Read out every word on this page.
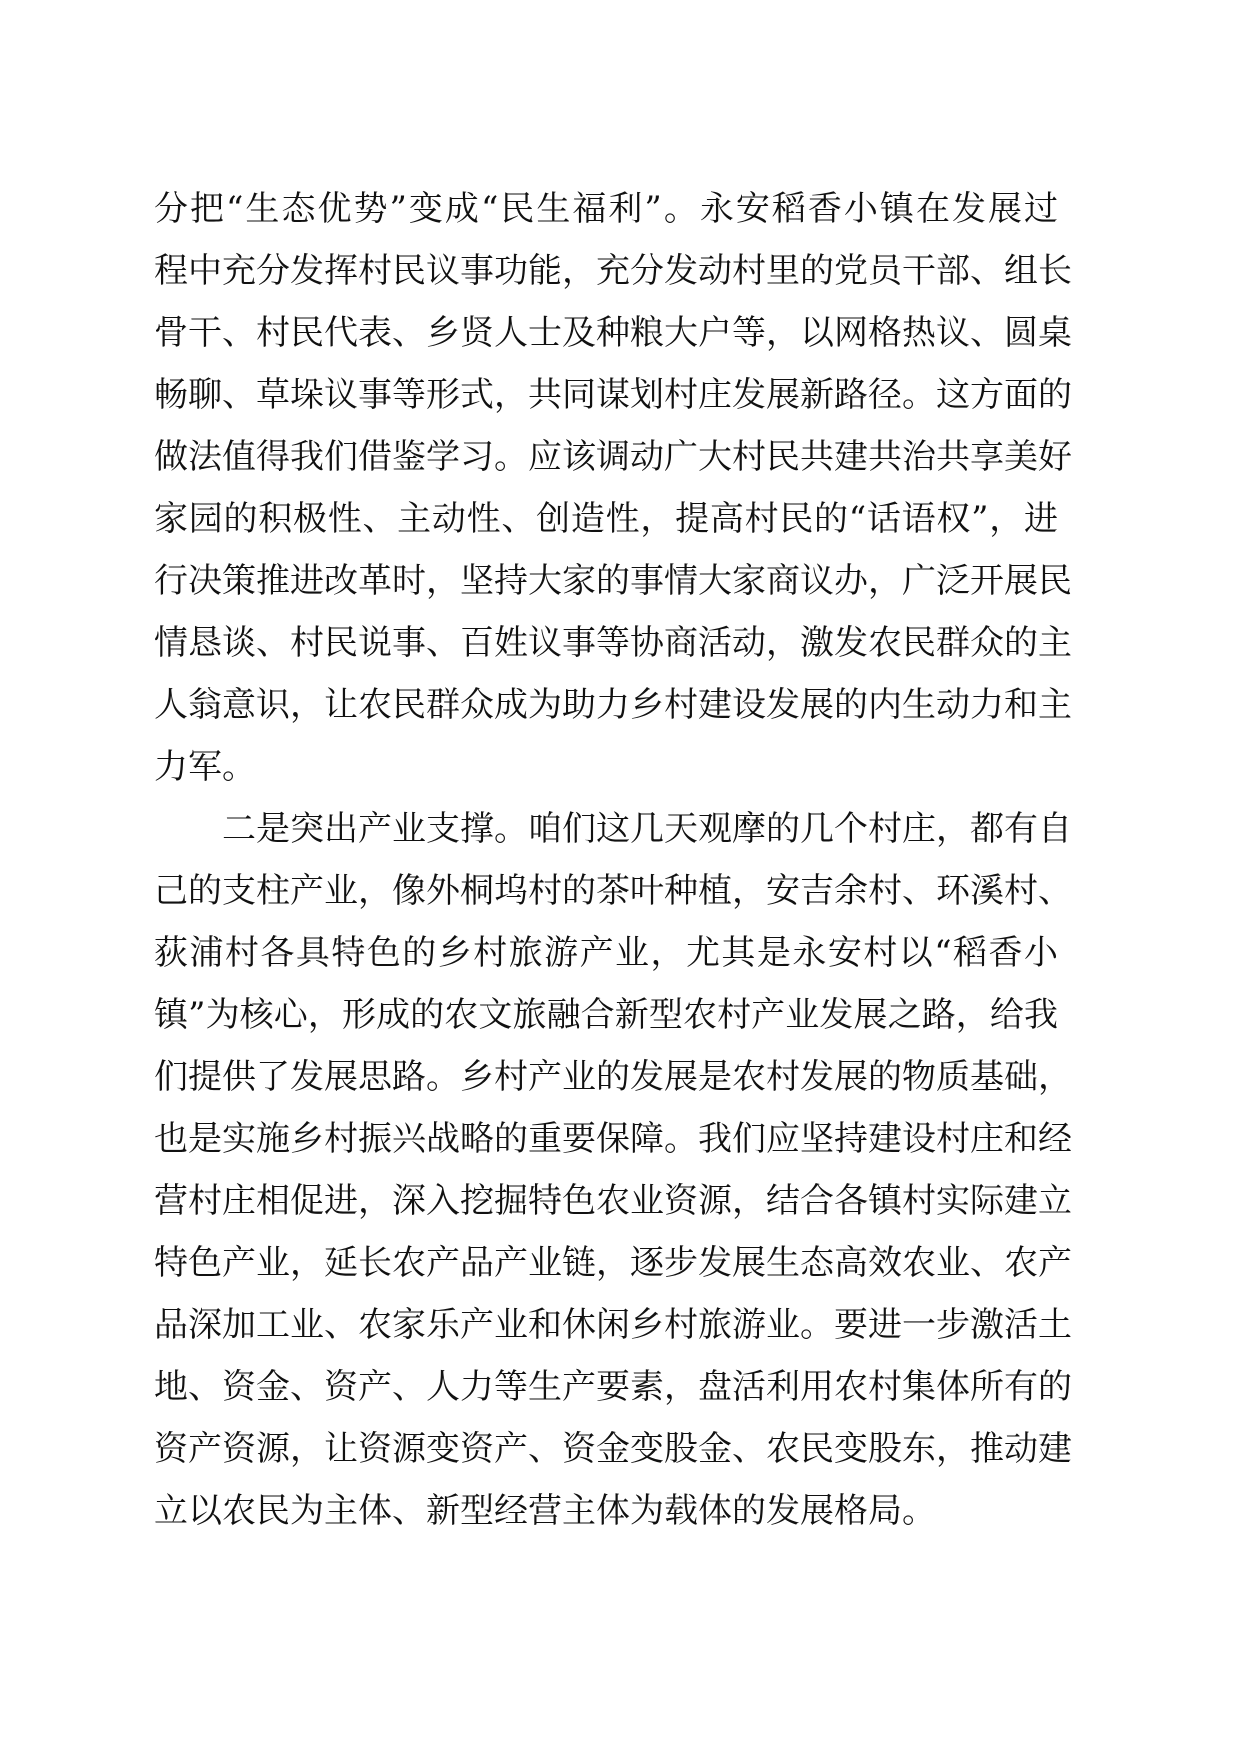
分把“生态优势”变成“民生福利”。永安稻香小镇在发展过
程中充分发挥村民议事功能，充分发动村里的党员干部、组长
骨干、村民代表、乡贤人士及种粮大户等，以网格热议、圆桌
畅聊、草垛议事等形式，共同谋划村庄发展新路径。这方面的
做法值得我们借鉴学习。应该调动广大村民共建共治共享美好
家园的积极性、主动性、创造性，提高村民的“话语权”，进
行决策推进改革时，坚持大家的事情大家商议办，广泛开展民
情恳谈、村民说事、百姓议事等协商活动，激发农民群众的主
人翁意识，让农民群众成为助力乡村建设发展的内生动力和主
力军。
二是突出产业支撑。咱们这几天观摩的几个村庄，都有自
己的支柱产业，像外桐坞村的茶叶种植，安吉余村、环溪村、
荻浦村各具特色的乡村旅游产业，尤其是永安村以“稻香小
镇”为核心，形成的农文旅融合新型农村产业发展之路，给我
们提供了发展思路。乡村产业的发展是农村发展的物质基础，
也是实施乡村振兴战略的重要保障。我们应坚持建设村庄和经
营村庄相促进，深入挖掘特色农业资源，结合各镇村实际建立
特色产业，延长农产品产业链，逐步发展生态高效农业、农产
品深加工业、农家乐产业和休闲乡村旅游业。要进一步激活土
地、资金、资产、人力等生产要素，盘活利用农村集体所有的
资产资源，让资源变资产、资金变股金、农民变股东，推动建
立以农民为主体、新型经营主体为载体的发展格局。
